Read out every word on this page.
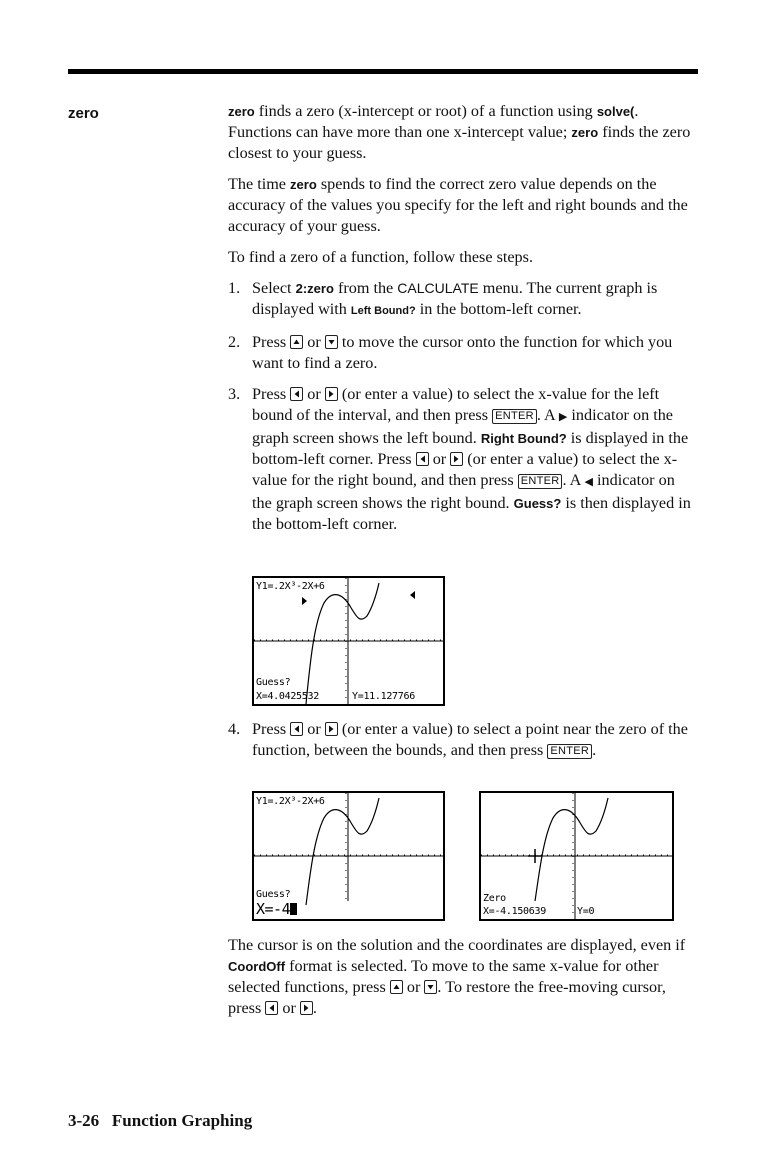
zero	zero finds a zero (x-intercept or root) of a function using solve(. Functions can have more than one x-intercept value; zero finds the zero closest to your guess.

The time zero spends to find the correct zero value depends on the accuracy of the values you specify for the left and right bounds and the accuracy of your guess.

To find a zero of a function, follow these steps.

1. Select 2:zero from the CALCULATE menu. The current graph is displayed with Left Bound? in the bottom-left corner.
2. Press
or
to move the cursor onto the function for which you want to find a zero.
3. Press
or
(or enter a value) to select the x-value for the left bound of the interval, and then press ENTER . A ▶ indicator on the graph screen shows the left bound. Right Bound? is displayed in the bottom-left corner. Press
or
(or enter a value) to select the x-value for the right bound, and then press ENTER . A ◀ indicator on the graph screen shows the right bound. Guess? is then displayed in the bottom-left corner.
Y1=.2X³-2X+6
Guess?
X=4.0425532	Y=11.127766
4. Press
or
(or enter a value) to select a point near the zero of the function, between the bounds, and then press ENTER .
Y1=.2X³-2X+6
Guess?
X=-4
Zero
X=-4.150639	Y=0

The cursor is on the solution and the coordinates are displayed, even if CoordOff format is selected. To move to the same x-value for other selected functions, press
or
. To restore the free-moving cursor, press
or
.

3-26   Function Graphing
